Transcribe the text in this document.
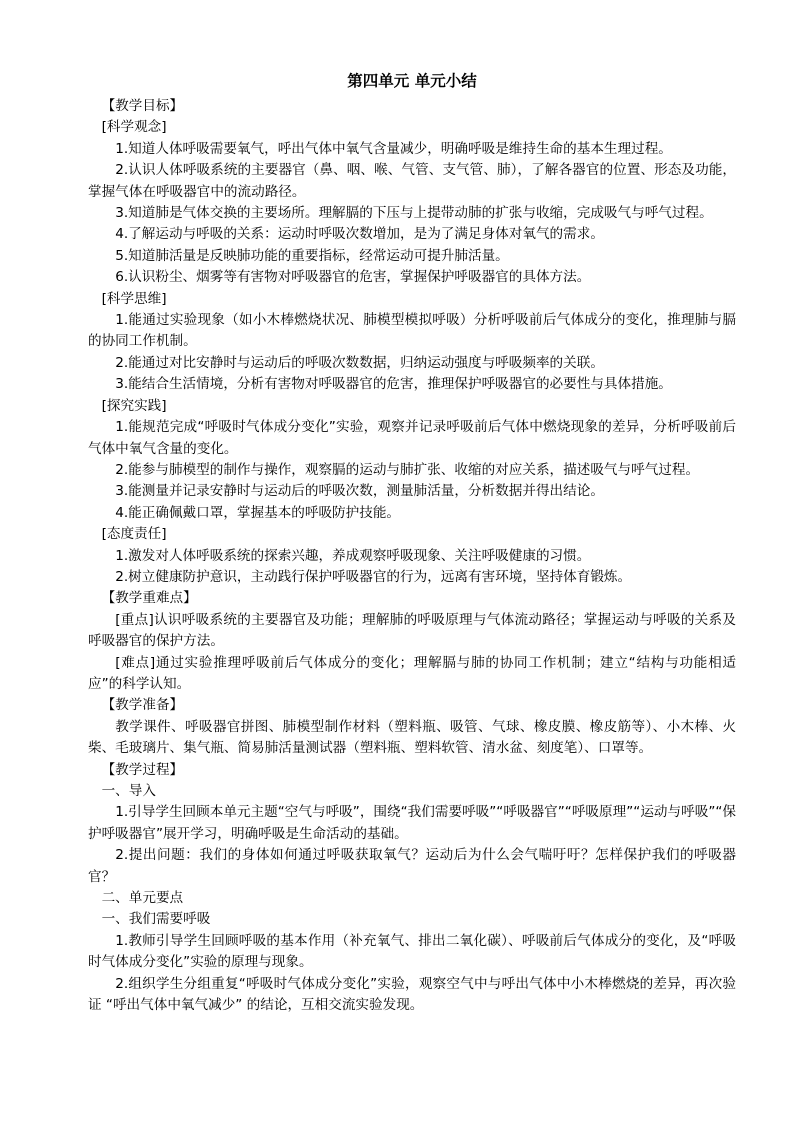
第四单元 单元小结

【教学目标】

[科学观念]

1.知道人体呼吸需要氧气，呼出气体中氧气含量减少，明确呼吸是维持生命的基本生理过程。

2.认识人体呼吸系统的主要器官（鼻、咽、喉、气管、支气管、肺），了解各器官的位置、形态及功能，掌握气体在呼吸器官中的流动路径。

3.知道肺是气体交换的主要场所。理解膈的下压与上提带动肺的扩张与收缩，完成吸气与呼气过程。

4.了解运动与呼吸的关系：运动时呼吸次数增加，是为了满足身体对氧气的需求。

5.知道肺活量是反映肺功能的重要指标，经常运动可提升肺活量。

6.认识粉尘、烟雾等有害物对呼吸器官的危害，掌握保护呼吸器官的具体方法。

[科学思维]

1.能通过实验现象（如小木棒燃烧状况、肺模型模拟呼吸）分析呼吸前后气体成分的变化，推理肺与膈的协同工作机制。

2.能通过对比安静时与运动后的呼吸次数数据，归纳运动强度与呼吸频率的关联。

3.能结合生活情境，分析有害物对呼吸器官的危害，推理保护呼吸器官的必要性与具体措施。

[探究实践]

1.能规范完成“呼吸时气体成分变化”实验，观察并记录呼吸前后气体中燃烧现象的差异，分析呼吸前后气体中氧气含量的变化。

2.能参与肺模型的制作与操作，观察膈的运动与肺扩张、收缩的对应关系，描述吸气与呼气过程。

3.能测量并记录安静时与运动后的呼吸次数，测量肺活量，分析数据并得出结论。

4.能正确佩戴口罩，掌握基本的呼吸防护技能。

[态度责任]

1.激发对人体呼吸系统的探索兴趣，养成观察呼吸现象、关注呼吸健康的习惯。

2.树立健康防护意识，主动践行保护呼吸器官的行为，远离有害环境，坚持体育锻炼。

【教学重难点】

[重点]认识呼吸系统的主要器官及功能；理解肺的呼吸原理与气体流动路径；掌握运动与呼吸的关系及呼吸器官的保护方法。

[难点]通过实验推理呼吸前后气体成分的变化；理解膈与肺的协同工作机制；建立“结构与功能相适应”的科学认知。

【教学准备】

教学课件、呼吸器官拼图、肺模型制作材料（塑料瓶、吸管、气球、橡皮膜、橡皮筋等）、小木棒、火柴、毛玻璃片、集气瓶、简易肺活量测试器（塑料瓶、塑料软管、清水盆、刻度笔）、口罩等。

【教学过程】

一、导入

1.引导学生回顾本单元主题“空气与呼吸”，围绕“我们需要呼吸”“呼吸器官”“呼吸原理”“运动与呼吸”“保护呼吸器官”展开学习，明确呼吸是生命活动的基础。

2.提出问题：我们的身体如何通过呼吸获取氧气？运动后为什么会气喘吁吁？怎样保护我们的呼吸器官？

二、单元要点

一、我们需要呼吸

1.教师引导学生回顾呼吸的基本作用（补充氧气、排出二氧化碳）、呼吸前后气体成分的变化，及“呼吸时气体成分变化”实验的原理与现象。

2.组织学生分组重复“呼吸时气体成分变化”实验，观察空气中与呼出气体中小木棒燃烧的差异，再次验证 “呼出气体中氧气减少” 的结论，互相交流实验发现。
